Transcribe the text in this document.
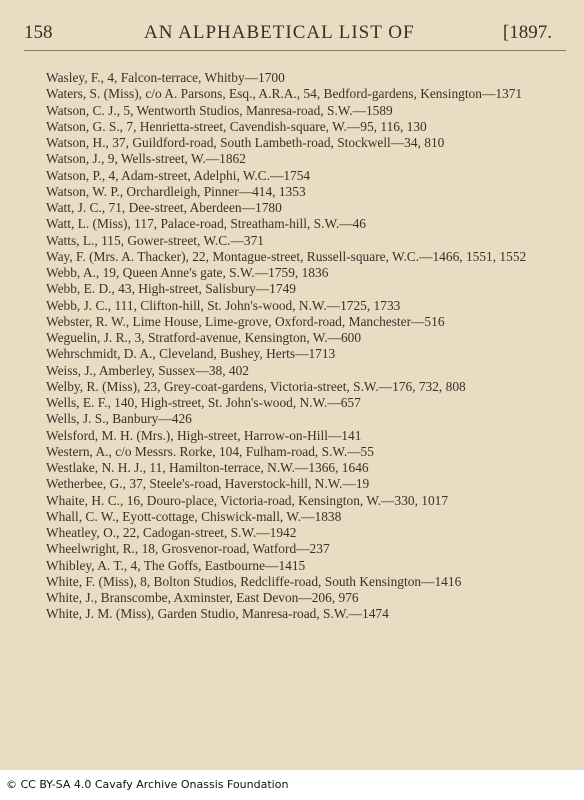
158	AN ALPHABETICAL LIST OF	[1897.
Wasley, F., 4, Falcon-terrace, Whitby—1700
Waters, S. (Miss), c/o A. Parsons, Esq., A.R.A., 54, Bedford-gardens, Kensington—1371
Watson, C. J., 5, Wentworth Studios, Manresa-road, S.W.—1589
Watson, G. S., 7, Henrietta-street, Cavendish-square, W.—95, 116, 130
Watson, H., 37, Guildford-road, South Lambeth-road, Stockwell—34, 810
Watson, J., 9, Wells-street, W.—1862
Watson, P., 4, Adam-street, Adelphi, W.C.—1754
Watson, W. P., Orchardleigh, Pinner—414, 1353
Watt, J. C., 71, Dee-street, Aberdeen—1780
Watt, L. (Miss), 117, Palace-road, Streatham-hill, S.W.—46
Watts, L., 115, Gower-street, W.C.—371
Way, F. (Mrs. A. Thacker), 22, Montague-street, Russell-square, W.C.—1466, 1551, 1552
Webb, A., 19, Queen Anne's gate, S.W.—1759, 1836
Webb, E. D., 43, High-street, Salisbury—1749
Webb, J. C., 111, Clifton-hill, St. John's-wood, N.W.—1725, 1733
Webster, R. W., Lime House, Lime-grove, Oxford-road, Manchester—516
Weguelin, J. R., 3, Stratford-avenue, Kensington, W.—600
Wehrschmidt, D. A., Cleveland, Bushey, Herts—1713
Weiss, J., Amberley, Sussex—38, 402
Welby, R. (Miss), 23, Grey-coat-gardens, Victoria-street, S.W.—176, 732, 808
Wells, E. F., 140, High-street, St. John's-wood, N.W.—657
Wells, J. S., Banbury—426
Welsford, M. H. (Mrs.), High-street, Harrow-on-Hill—141
Western, A., c/o Messrs. Rorke, 104, Fulham-road, S.W.—55
Westlake, N. H. J., 11, Hamilton-terrace, N.W.—1366, 1646
Wetherbee, G., 37, Steele's-road, Haverstock-hill, N.W.—19
Whaite, H. C., 16, Douro-place, Victoria-road, Kensington, W.—330, 1017
Whall, C. W., Eyott-cottage, Chiswick-mall, W.—1838
Wheatley, O., 22, Cadogan-street, S.W.—1942
Wheelwright, R., 18, Grosvenor-road, Watford—237
Whibley, A. T., 4, The Goffs, Eastbourne—1415
White, F. (Miss), 8, Bolton Studios, Redcliffe-road, South Kensington—1416
White, J., Branscombe, Axminster, East Devon—206, 976
White, J. M. (Miss), Garden Studio, Manresa-road, S.W.—1474
© CC BY-SA 4.0 Cavafy Archive Onassis Foundation
